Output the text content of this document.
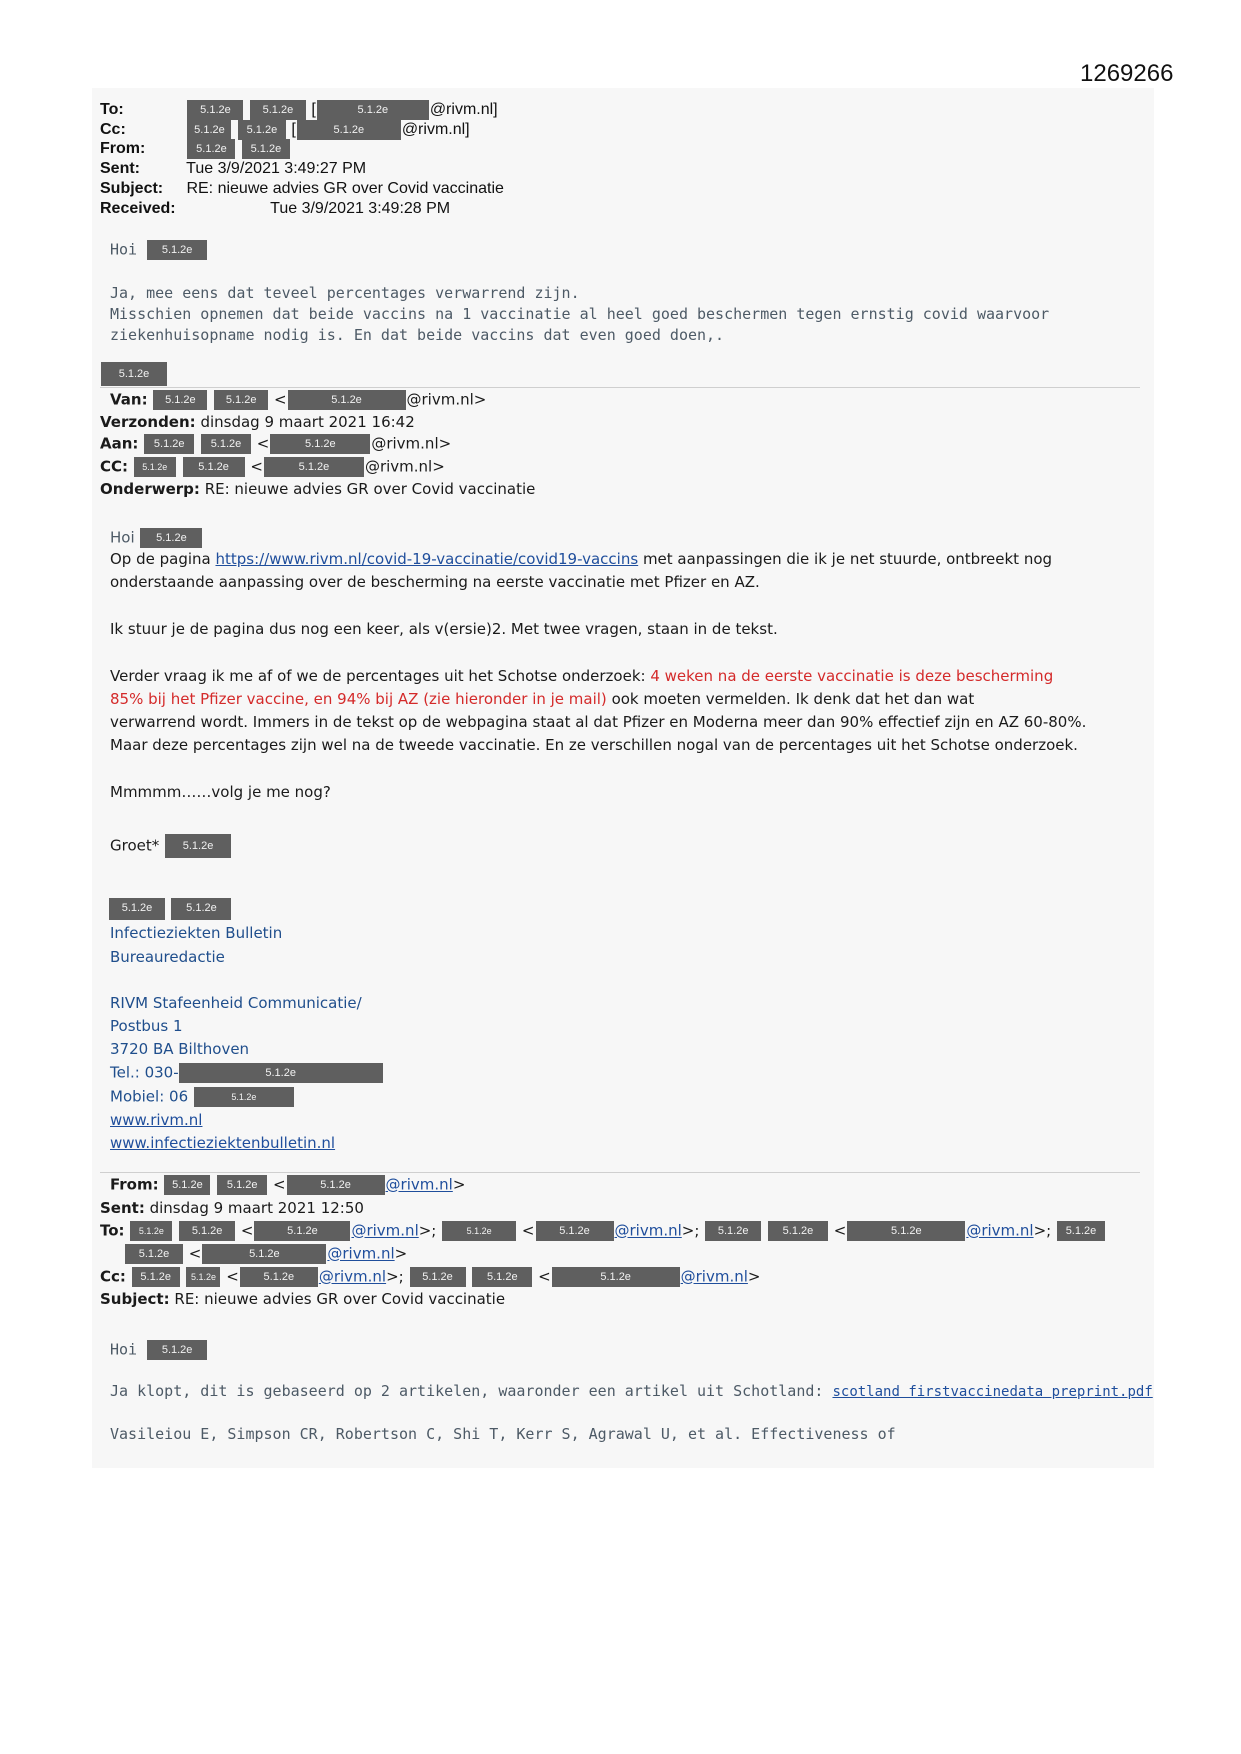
1269266
To:	5.1.2e	5.1.2e [	5.1.2e	@rivm.nl]
Cc:	5.1.2e 5.1.2e [	5.1.2e @rivm.nl]
From:	5.1.2e 5.1.2e
Sent:	Tue 3/9/2021 3:49:27 PM
Subject: RE: nieuwe advies GR over Covid vaccinatie
Received:	Tue 3/9/2021 3:49:28 PM
Hoi 5.1.2e
Ja, mee eens dat teveel percentages verwarrend zijn.
Misschien opnemen dat beide vaccins na 1 vaccinatie al heel goed beschermen tegen ernstig covid waarvoor
ziekenhuisopname nodig is. En dat beide vaccins dat even goed doen,.
5.1.2e
Van: 5.1.2e	5.1.2e <	5.1.2e	@rivm.nl>
Verzonden: dinsdag 9 maart 2021 16:42
Aan: 5.1.2e 5.1.2e <	5.1.2e @rivm.nl>
CC: 5.1.2e	5.1.2e <	5.1.2e @rivm.nl>
Onderwerp: RE: nieuwe advies GR over Covid vaccinatie
Hoi 5.1.2e
Op de pagina https://www.rivm.nl/covid-19-vaccinatie/covid19-vaccins met aanpassingen die ik je net stuurde, ontbreekt nog
onderstaande aanpassing over de bescherming na eerste vaccinatie met Pfizer en AZ.
Ik stuur je de pagina dus nog een keer, als v(ersie)2. Met twee vragen, staan in de tekst.
Verder vraag ik me af of we de percentages uit het Schotse onderzoek: 4 weken na de eerste vaccinatie is deze bescherming
85% bij het Pfizer vaccine, en 94% bij AZ (zie hieronder in je mail) ook moeten vermelden. Ik denk dat het dan wat
verwarrend wordt. Immers in de tekst op de webpagina staat al dat Pfizer en Moderna meer dan 90% effectief zijn en AZ 60-80%.
Maar deze percentages zijn wel na de tweede vaccinatie. En ze verschillen nogal van de percentages uit het Schotse onderzoek.
Mmmmm……volg je me nog?
Groet* 5.1.2e
5.1.2e	5.1.2e
Infectieziekten Bulletin
Bureauredactie
RIVM Stafeenheid Communicatie/
Postbus 1
3720 BA Bilthoven
Tel.: 030-	5.1.2e
Mobiel: 06	5.1.2e
www.rivm.nl
www.infectieziektenbulletin.nl
From: 5.1.2e 5.1.2e <	5.1.2e @rivm.nl>
Sent: dinsdag 9 maart 2021 12:50
To: 5.1.2e	5.1.2e <	5.1.2e @rivm.nl>;	5.1.2e < 5.1.2e @rivm.nl>; 5.1.2e	5.1.2e <	5.1.2e	@rivm.nl>; 5.1.2e
5.1.2e <	5.1.2e	@rivm.nl>
Cc: 5.1.2e 5.1.2e < 5.1.2e @rivm.nl>; 5.1.2e	5.1.2e <	5.1.2e	@rivm.nl>
Subject: RE: nieuwe advies GR over Covid vaccinatie
Hoi 5.1.2e
Ja klopt, dit is gebaseerd op 2 artikelen, waaronder een artikel uit Schotland: scotland firstvaccinedata preprint.pdf
Vasileiou E, Simpson CR, Robertson C, Shi T, Kerr S, Agrawal U, et al. Effectiveness of
